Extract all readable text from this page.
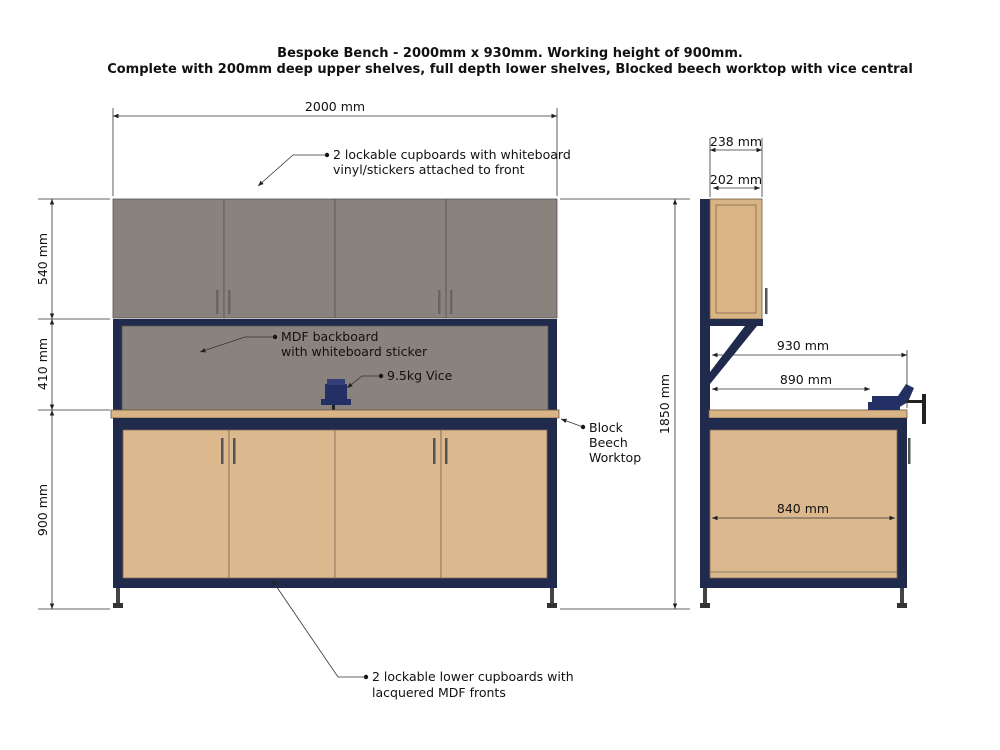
Bespoke Bench - 2000mm x 930mm. Working height of 900mm.
Complete with 200mm deep upper shelves, full depth lower shelves, Blocked beech worktop with vice central
2000 mm
540 mm
410 mm
900 mm
1850 mm
2 lockable cupboards with whiteboard
vinyl/stickers attached to front
MDF backboard
with whiteboard sticker
9.5kg Vice
Block
Beech
Worktop
2 lockable lower cupboards with
lacquered MDF fronts
238 mm
202 mm
930 mm
890 mm
840 mm
